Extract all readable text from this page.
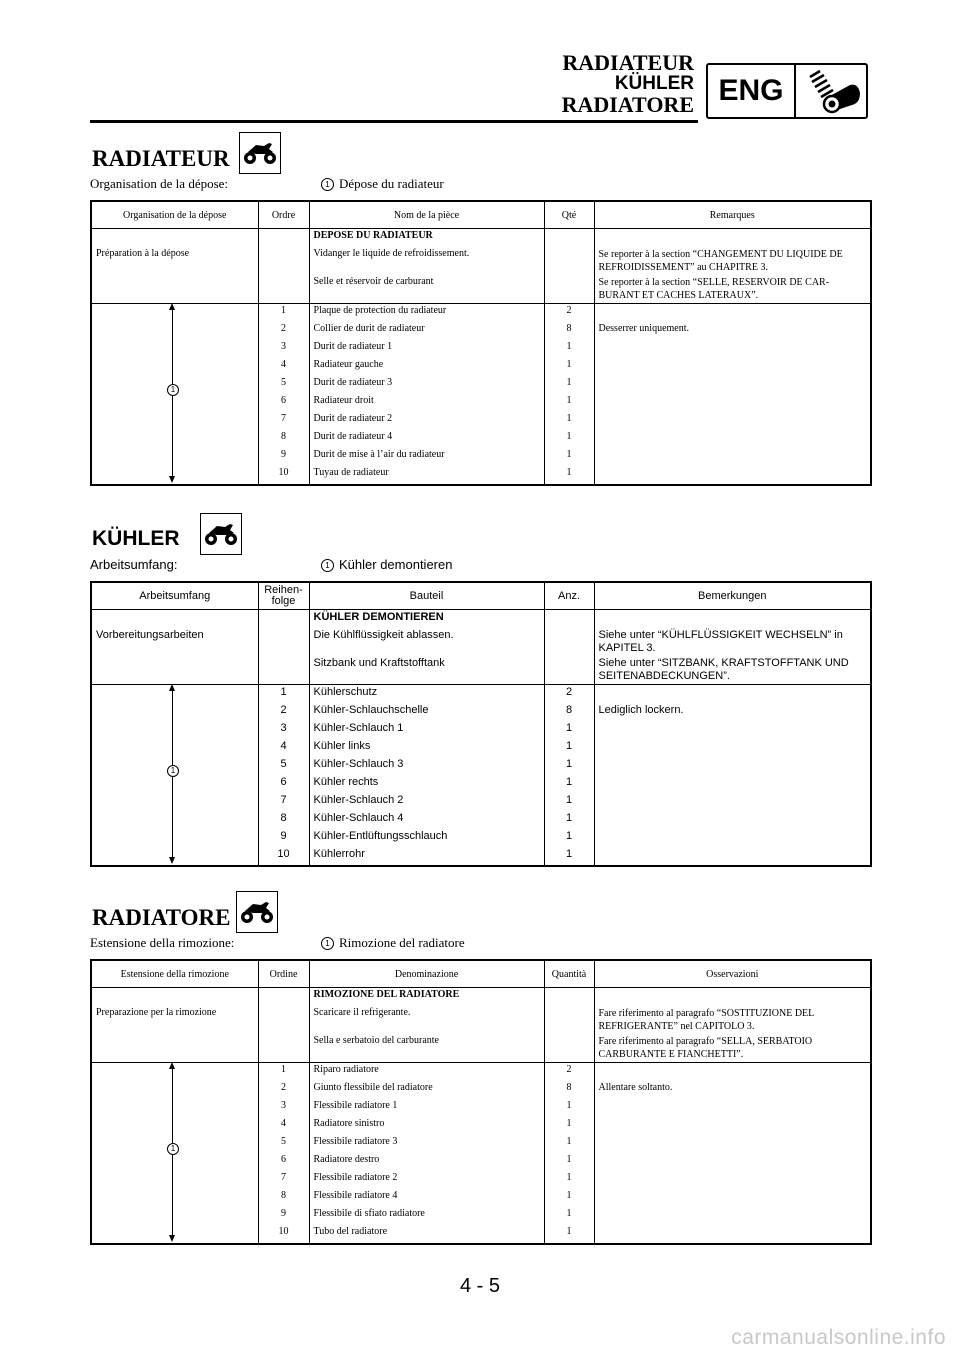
RADIATEUR
KÜHLER
RADIATORE ENG
RADIATEUR
Organisation de la dépose:	1 Dépose du radiateur
Organisation de la dépose	Ordre	Nom de la pièce	Qté	Remarques
		DEPOSE DU RADIATEUR		
Préparation à la dépose		Vidanger le liquide de refroidissement.		Se reporter à la section “CHANGEMENT DU LIQUIDE DE REFROIDISSEMENT” au CHAPITRE 3.
		Selle et réservoir de carburant		Se reporter à la section “SELLE, RESERVOIR DE CAR- BURANT ET CACHES LATERAUX”.

1	1	Plaque de protection du radiateur	2	
	2	Collier de durit de radiateur	8	Desserrer uniquement.
	3	Durit de radiateur 1	1	
	4	Radiateur gauche	1	
	5	Durit de radiateur 3	1	
	6	Radiateur droit	1	
	7	Durit de radiateur 2	1	
	8	Durit de radiateur 4	1	
	9	Durit de mise à l’air du radiateur	1	
	10	Tuyau de radiateur	1	
KÜHLER
Arbeitsumfang:	1 Kühler demontieren
Arbeitsumfang	Reihen- folge	Bauteil	Anz.	Bemerkungen
		KÜHLER DEMONTIEREN		
Vorbereitungsarbeiten		Die Kühlflüssigkeit ablassen.		Siehe unter “KÜHLFLÜSSIGKEIT WECHSELN” in KAPITEL 3.
		Sitzbank und Kraftstofftank		Siehe unter “SITZBANK, KRAFTSTOFFTANK UND SEITENABDECKUNGEN”.

1	1	Kühlerschutz	2	
	2	Kühler-Schlauchschelle	8	Lediglich lockern.
	3	Kühler-Schlauch 1	1	
	4	Kühler links	1	
	5	Kühler-Schlauch 3	1	
	6	Kühler rechts	1	
	7	Kühler-Schlauch 2	1	
	8	Kühler-Schlauch 4	1	
	9	Kühler-Entlüftungsschlauch	1	
	10	Kühlerrohr	1	
RADIATORE
Estensione della rimozione:	1 Rimozione del radiatore
Estensione della rimozione	Ordine	Denominazione	Quantità	Osservazioni
		RIMOZIONE DEL RADIATORE		
Preparazione per la rimozione		Scaricare il refrigerante.		Fare riferimento al paragrafo “SOSTITUZIONE DEL REFRIGERANTE” nel CAPITOLO 3.
		Sella e serbatoio del carburante		Fare riferimento al paragrafo “SELLA, SERBATOIO CARBURANTE E FIANCHETTI”.

1	1	Riparo radiatore	2	
	2	Giunto flessibile del radiatore	8	Allentare soltanto.
	3	Flessibile radiatore 1	1	
	4	Radiatore sinistro	1	
	5	Flessibile radiatore 3	1	
	6	Radiatore destro	1	
	7	Flessibile radiatore 2	1	
	8	Flessibile radiatore 4	1	
	9	Flessibile di sfiato radiatore	1	
	10	Tubo del radiatore	1	
4 - 5
carmanualsonline.info
